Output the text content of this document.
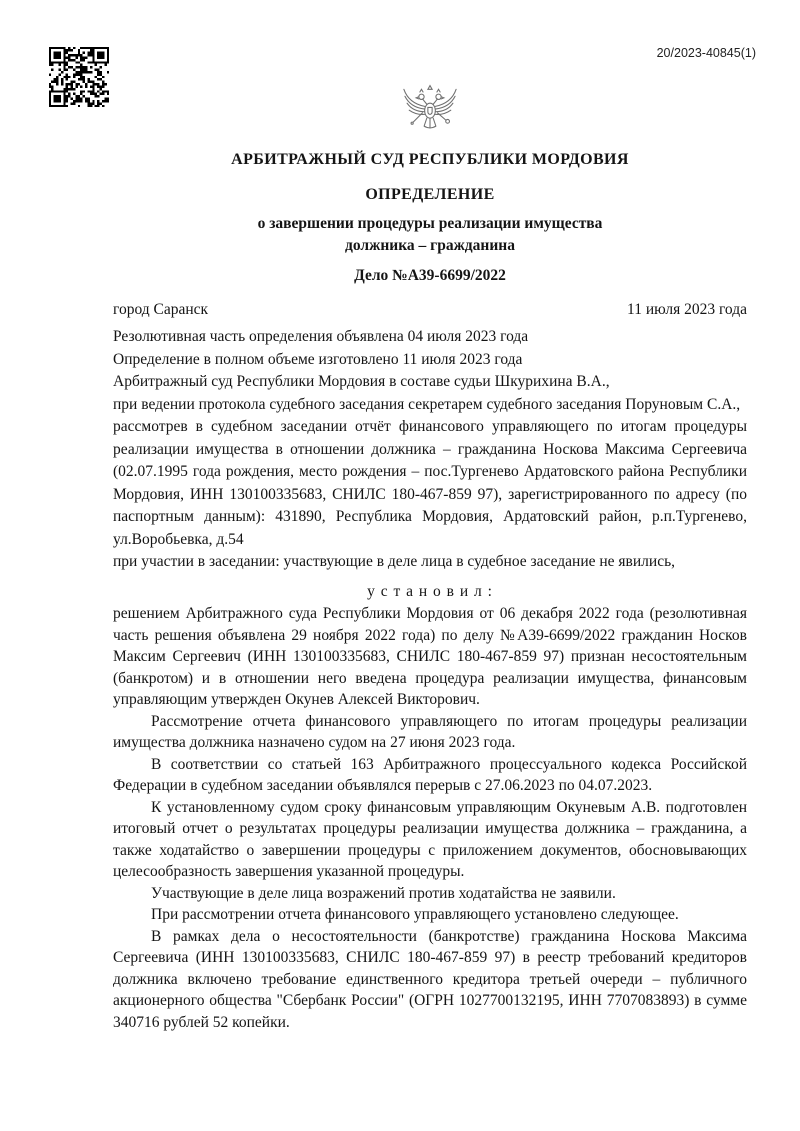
20/2023-40845(1)
АРБИТРАЖНЫЙ СУД РЕСПУБЛИКИ МОРДОВИЯ
ОПРЕДЕЛЕНИЕ
о завершении процедуры реализации имущества
должника – гражданина
Дело №А39-6699/2022
город Саранск	11 июля 2023 года
Резолютивная часть определения объявлена 04 июля 2023 года
Определение в полном объеме изготовлено 11 июля 2023 года

Арбитражный суд Республики Мордовия в составе судьи Шкурихина В.А.,

при ведении протокола судебного заседания секретарем судебного заседания Поруновым С.А.,

рассмотрев в судебном заседании отчёт финансового управляющего по итогам процедуры реализации имущества в отношении должника – гражданина Носкова Максима Сергеевича (02.07.1995 года рождения, место рождения – пос.Тургенево Ардатовского района Республики Мордовия, ИНН 130100335683, СНИЛС 180-467-859 97), зарегистрированного по адресу (по паспортным данным): 431890, Республика Мордовия, Ардатовский район, р.п.Тургенево, ул.Воробьевка, д.54

при участии в заседании: участвующие в деле лица в судебное заседание не явились,

у с т а н о в и л :

решением Арбитражного суда Республики Мордовия от 06 декабря 2022 года (резолютивная часть решения объявлена 29 ноября 2022 года) по делу №А39-6699/2022 гражданин Носков Максим Сергеевич (ИНН 130100335683, СНИЛС 180-467-859 97) признан несостоятельным (банкротом) и в отношении него введена процедура реализации имущества, финансовым управляющим утвержден Окунев Алексей Викторович.

Рассмотрение отчета финансового управляющего по итогам процедуры реализации имущества должника назначено судом на 27 июня 2023 года.

В соответствии со статьей 163 Арбитражного процессуального кодекса Российской Федерации в судебном заседании объявлялся перерыв с 27.06.2023 по 04.07.2023.

К установленному судом сроку финансовым управляющим Окуневым А.В. подготовлен итоговый отчет о результатах процедуры реализации имущества должника – гражданина, а также ходатайство о завершении процедуры с приложением документов, обосновывающих целесообразность завершения указанной процедуры.

Участвующие в деле лица возражений против ходатайства не заявили.

При рассмотрении отчета финансового управляющего установлено следующее.

В рамках дела о несостоятельности (банкротстве) гражданина Носкова Максима Сергеевича (ИНН 130100335683, СНИЛС 180-467-859 97) в реестр требований кредиторов должника включено требование единственного кредитора третьей очереди – публичного акционерного общества "Сбербанк России" (ОГРН 1027700132195, ИНН 7707083893) в сумме 340716 рублей 52 копейки.
